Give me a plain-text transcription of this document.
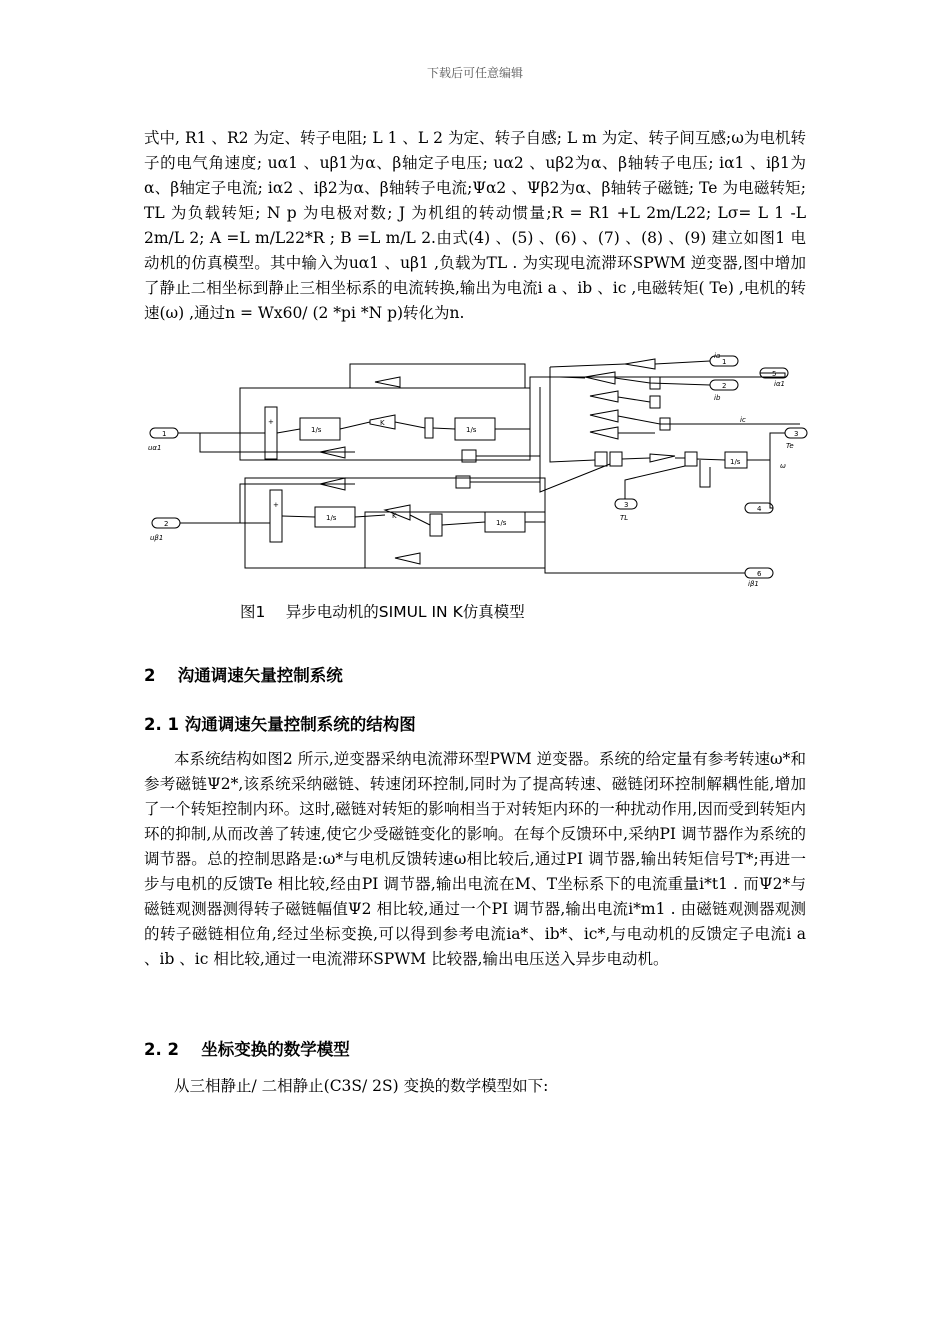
下载后可任意编辑
式中, R1 、R2 为定、转子电阻; L 1 、L 2 为定、转子自感; L m 为定、转子间互感;ω为电机转子的电气角速度; uα1 、uβ1为α、β轴定子电压; uα2 、uβ2为α、β轴转子电压; iα1 、iβ1为α、β轴定子电流; iα2 、iβ2为α、β轴转子电流;Ψα2 、Ψβ2为α、β轴转子磁链; Te 为电磁转矩; TL 为负载转矩; N p 为电极对数; J 为机组的转动惯量;R = R1 +L 2m/L22; Lσ= L 1 -L 2m/L 2; A =L m/L22*R ; B =L m/L 2.由式(4) 、(5) 、(6) 、(7) 、(8) 、(9) 建立如图1 电动机的仿真模型。其中输入为uα1 、uβ1 ,负载为TL . 为实现电流滞环SPWM 逆变器,图中增加了静止二相坐标到静止三相坐标系的电流转换,输出为电流i a 、ib 、ic ,电磁转矩( Te) ,电机的转速(ω) ,通过n = Wx60/ (2 *pi *N p)转化为n.
1
2
3
1
2
3
4
5
6
1/s	1/s
1/s
1/s
1/s
+
+
K
K
uα1
uβ1
TL
ia
ib
ic
Te
ω
iα1
iβ1
图1　 异步电动机的SIMUL IN K仿真模型
2　 沟通调速矢量控制系统
2. 1 沟通调速矢量控制系统的结构图
本系统结构如图2 所示,逆变器采纳电流滞环型PWM 逆变器。系统的给定量有参考转速ω*和参考磁链Ψ2*,该系统采纳磁链、转速闭环控制,同时为了提高转速、磁链闭环控制解耦性能,增加了一个转矩控制内环。这时,磁链对转矩的影响相当于对转矩内环的一种扰动作用,因而受到转矩内环的抑制,从而改善了转速,使它少受磁链变化的影响。在每个反馈环中,采纳PI 调节器作为系统的调节器。总的控制思路是:ω*与电机反馈转速ω相比较后,通过PI 调节器,输出转矩信号T*;再进一步与电机的反馈Te 相比较,经由PI 调节器,输出电流在M、T坐标系下的电流重量i*t1 . 而Ψ2*与磁链观测器测得转子磁链幅值Ψ2 相比较,通过一个PI 调节器,输出电流i*m1 . 由磁链观测器观测的转子磁链相位角,经过坐标变换,可以得到参考电流ia*、ib*、ic*,与电动机的反馈定子电流i a 、ib 、ic 相比较,通过一电流滞环SPWM 比较器,输出电压送入异步电动机。
2. 2　 坐标变换的数学模型
从三相静止/ 二相静止(C3S/ 2S) 变换的数学模型如下:
